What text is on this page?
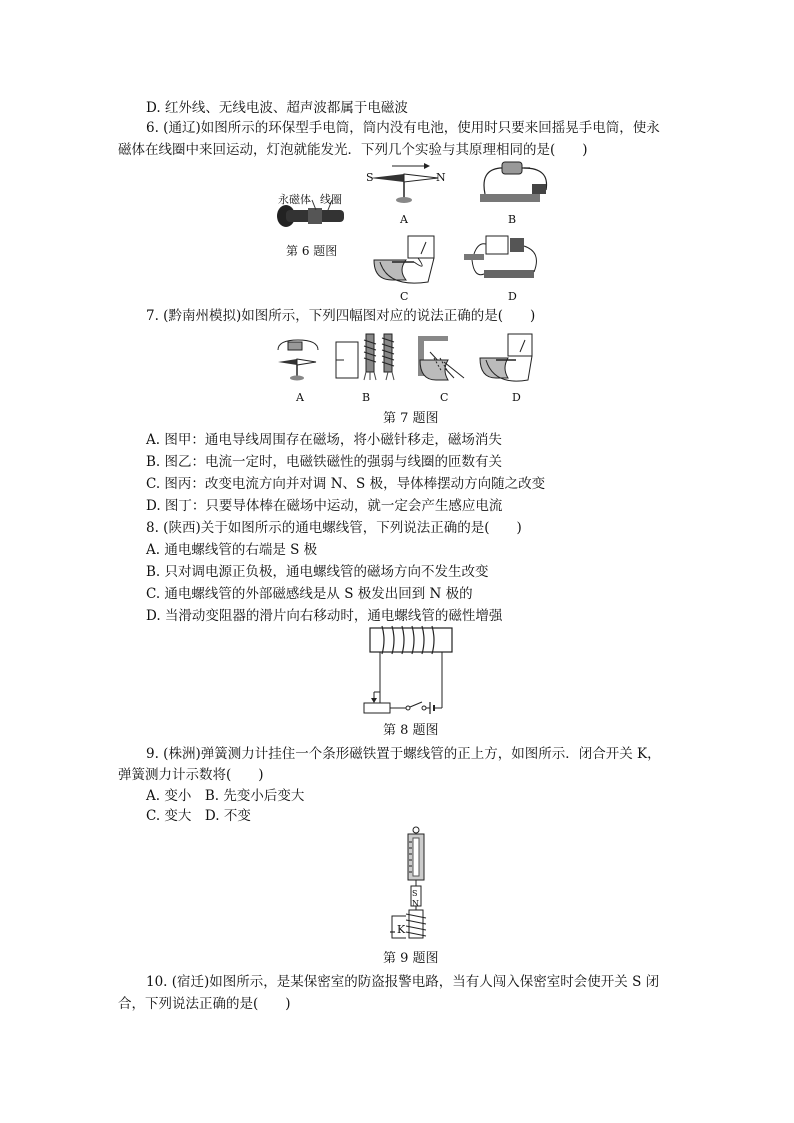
D. 红外线、无线电波、超声波都属于电磁波
6. (通辽)如图所示的环保型手电筒，筒内没有电池，使用时只要来回摇晃手电筒，使永
磁体在线圈中来回运动，灯泡就能发光．下列几个实验与其原理相同的是(　　)
永磁体 线圈
第 6 题图
S	N
A	B
C	D
7. (黔南州模拟)如图所示，下列四幅图对应的说法正确的是(　　)
A	B	C	D
第 7 题图
A. 图甲：通电导线周围存在磁场，将小磁针移走，磁场消失
B. 图乙：电流一定时，电磁铁磁性的强弱与线圈的匝数有关
C. 图丙：改变电流方向并对调 N、S 极，导体棒摆动方向随之改变
D. 图丁：只要导体棒在磁场中运动，就一定会产生感应电流
8. (陕西)关于如图所示的通电螺线管，下列说法正确的是(　　)
A. 通电螺线管的右端是 S 极
B. 只对调电源正负极，通电螺线管的磁场方向不发生改变
C. 通电螺线管的外部磁感线是从 S 极发出回到 N 极的
D. 当滑动变阻器的滑片向右移动时，通电螺线管的磁性增强
第 8 题图
9. (株洲)弹簧测力计挂住一个条形磁铁置于螺线管的正上方，如图所示．闭合开关 K，
弹簧测力计示数将(　　)
A. 变小　B. 先变小后变大
C. 变大　D. 不变
S
N
K
第 9 题图
10. (宿迁)如图所示，是某保密室的防盗报警电路，当有人闯入保密室时会使开关 S 闭
合，下列说法正确的是(　　)
